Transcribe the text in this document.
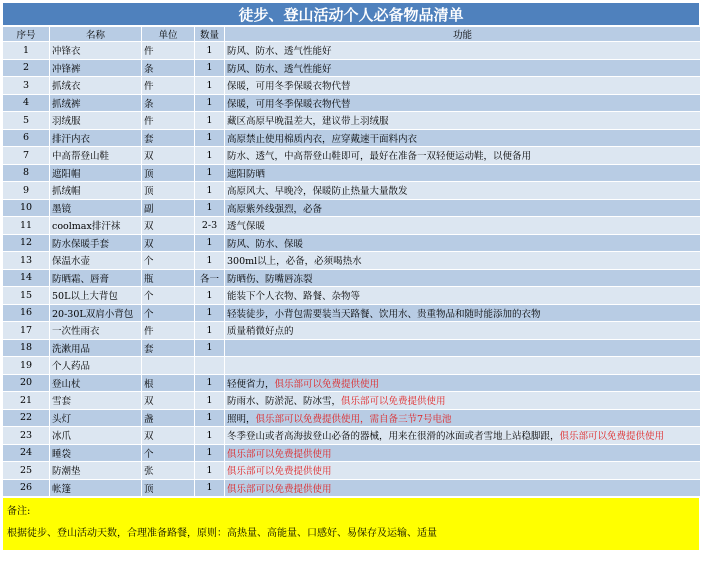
徒步、登山活动个人必备物品清单
序号	名称	单位	数量	功能
1	冲锋衣	件	1	防风、防水、透气性能好
2	冲锋裤	条	1	防风、防水、透气性能好
3	抓绒衣	件	1	保暖，可用冬季保暖衣物代替
4	抓绒裤	条	1	保暖，可用冬季保暖衣物代替
5	羽绒服	件	1	藏区高原早晚温差大，建议带上羽绒服
6	排汗内衣	套	1	高原禁止使用棉质内衣，应穿戴速干面料内衣
7	中高帮登山鞋	双	1	防水、透气，中高帮登山鞋即可，最好在准备一双轻便运动鞋，以便备用
8	遮阳帽	顶	1	遮阳防晒
9	抓绒帽	顶	1	高原风大、早晚冷，保暖防止热量大量散发
10	墨镜	副	1	高原紫外线强烈，必备
11	coolmax排汗袜	双	2-3	透气保暖
12	防水保暖手套	双	1	防风、防水、保暖
13	保温水壶	个	1	300ml以上，必备，必须喝热水
14	防晒霜、唇膏	瓶	各一	防晒伤、防嘴唇冻裂
15	50L以上大背包	个	1	能装下个人衣物、路餐、杂物等
16	20-30L双肩小背包	个	1	轻装徒步，小背包需要装当天路餐、饮用水、贵重物品和随时能添加的衣物
17	一次性雨衣	件	1	质量稍微好点的
18	洗漱用品	套	1	
19	个人药品			
20	登山杖	根	1	轻便省力，俱乐部可以免费提供使用
21	雪套	双	1	防雨水、防淤泥、防冰雪，俱乐部可以免费提供使用
22	头灯	盏	1	照明，俱乐部可以免费提供使用，需自备三节7号电池
23	冰爪	双	1	冬季登山或者高海拔登山必备的器械，用来在很滑的冰面或者雪地上站稳脚跟，俱乐部可以免费提供使用
24	睡袋	个	1	俱乐部可以免费提供使用
25	防潮垫	张	1	俱乐部可以免费提供使用
26	帐篷	顶	1	俱乐部可以免费提供使用
备注:
根据徒步、登山活动天数，合理准备路餐，原则：高热量、高能量、口感好、易保存及运输、适量
